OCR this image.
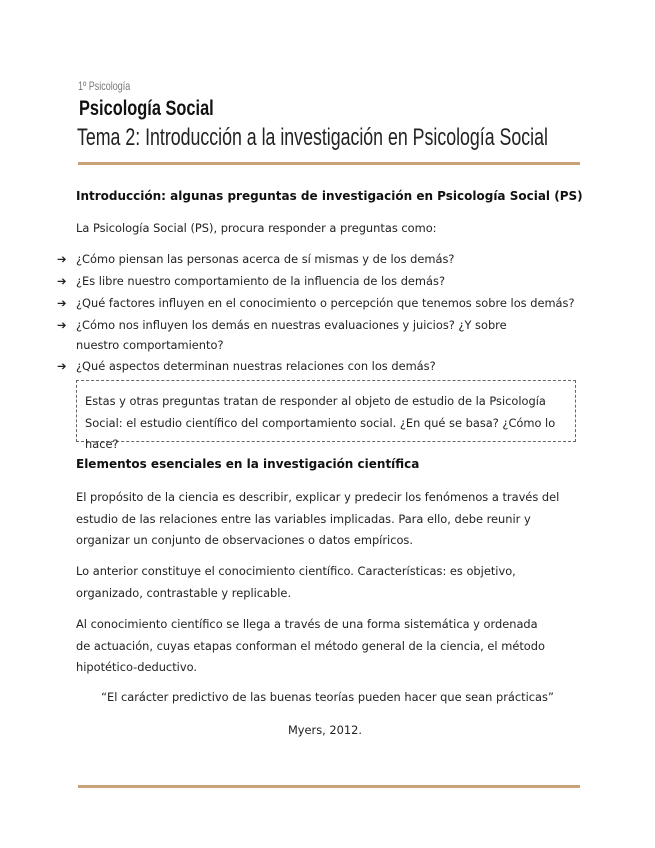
1º Psicología
Psicología Social
Tema 2: Introducción a la investigación en Psicología Social
Introducción: algunas preguntas de investigación en Psicología Social (PS)
La Psicología Social (PS), procura responder a preguntas como:
➔ ¿Cómo piensan las personas acerca de sí mismas y de los demás?
➔ ¿Es libre nuestro comportamiento de la influencia de los demás?
➔ ¿Qué factores influyen en el conocimiento o percepción que tenemos sobre los demás?
➔ ¿Cómo nos influyen los demás en nuestras evaluaciones y juicios? ¿Y sobre nuestro comportamiento?
➔ ¿Qué aspectos determinan nuestras relaciones con los demás?
Estas y otras preguntas tratan de responder al objeto de estudio de la Psicología Social: el estudio científico del comportamiento social. ¿En qué se basa? ¿Cómo lo hace?
Elementos esenciales en la investigación científica
El propósito de la ciencia es describir, explicar y predecir los fenómenos a través del estudio de las relaciones entre las variables implicadas. Para ello, debe reunir y organizar un conjunto de observaciones o datos empíricos.
Lo anterior constituye el conocimiento científico. Características: es objetivo, organizado, contrastable y replicable.
Al conocimiento científico se llega a través de una forma sistemática y ordenada de actuación, cuyas etapas conforman el método general de la ciencia, el método hipotético-deductivo.
“El carácter predictivo de las buenas teorías pueden hacer que sean prácticas”
Myers, 2012.
